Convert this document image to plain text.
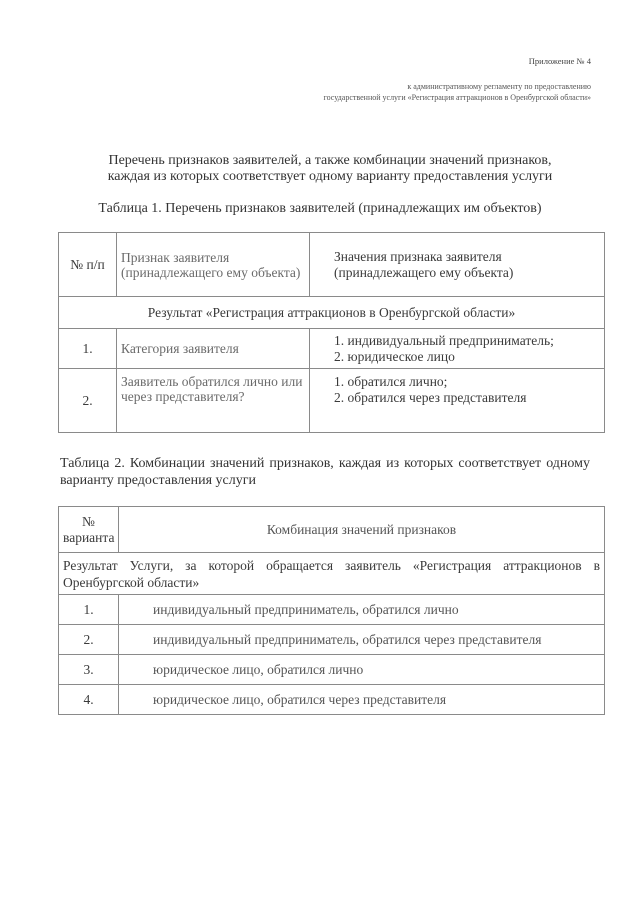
Приложение № 4
к административному регламенту по предоставлению
государственной услуги «Регистрация аттракционов в Оренбургской области»
Перечень признаков заявителей, а также комбинации значений признаков,
каждая из которых соответствует одному варианту предоставления услуги
Таблица 1. Перечень признаков заявителей (принадлежащих им объектов)
№ п/п	Признак заявителя (принадлежащего ему объекта)	Значения признака заявителя (принадлежащего ему объекта)
Результат «Регистрация аттракционов в Оренбургской области»		
1.	Категория заявителя	1. индивидуальный предприниматель;
2. юридическое лицо

2.	Заявитель обратился лично или через представителя?	1. обратился лично;
2. обратился через представителя
Таблица 2. Комбинации значений признаков, каждая из которых соответствует одному варианту предоставления услуги
№ варианта	Комбинация значений признаков
Результат Услуги, за которой обращается заявитель «Регистрация аттракционов в Оренбургской области»	
1.	индивидуальный предприниматель, обратился лично
2.	индивидуальный предприниматель, обратился через представителя
3.	юридическое лицо, обратился лично
4.	юридическое лицо, обратился через представителя
